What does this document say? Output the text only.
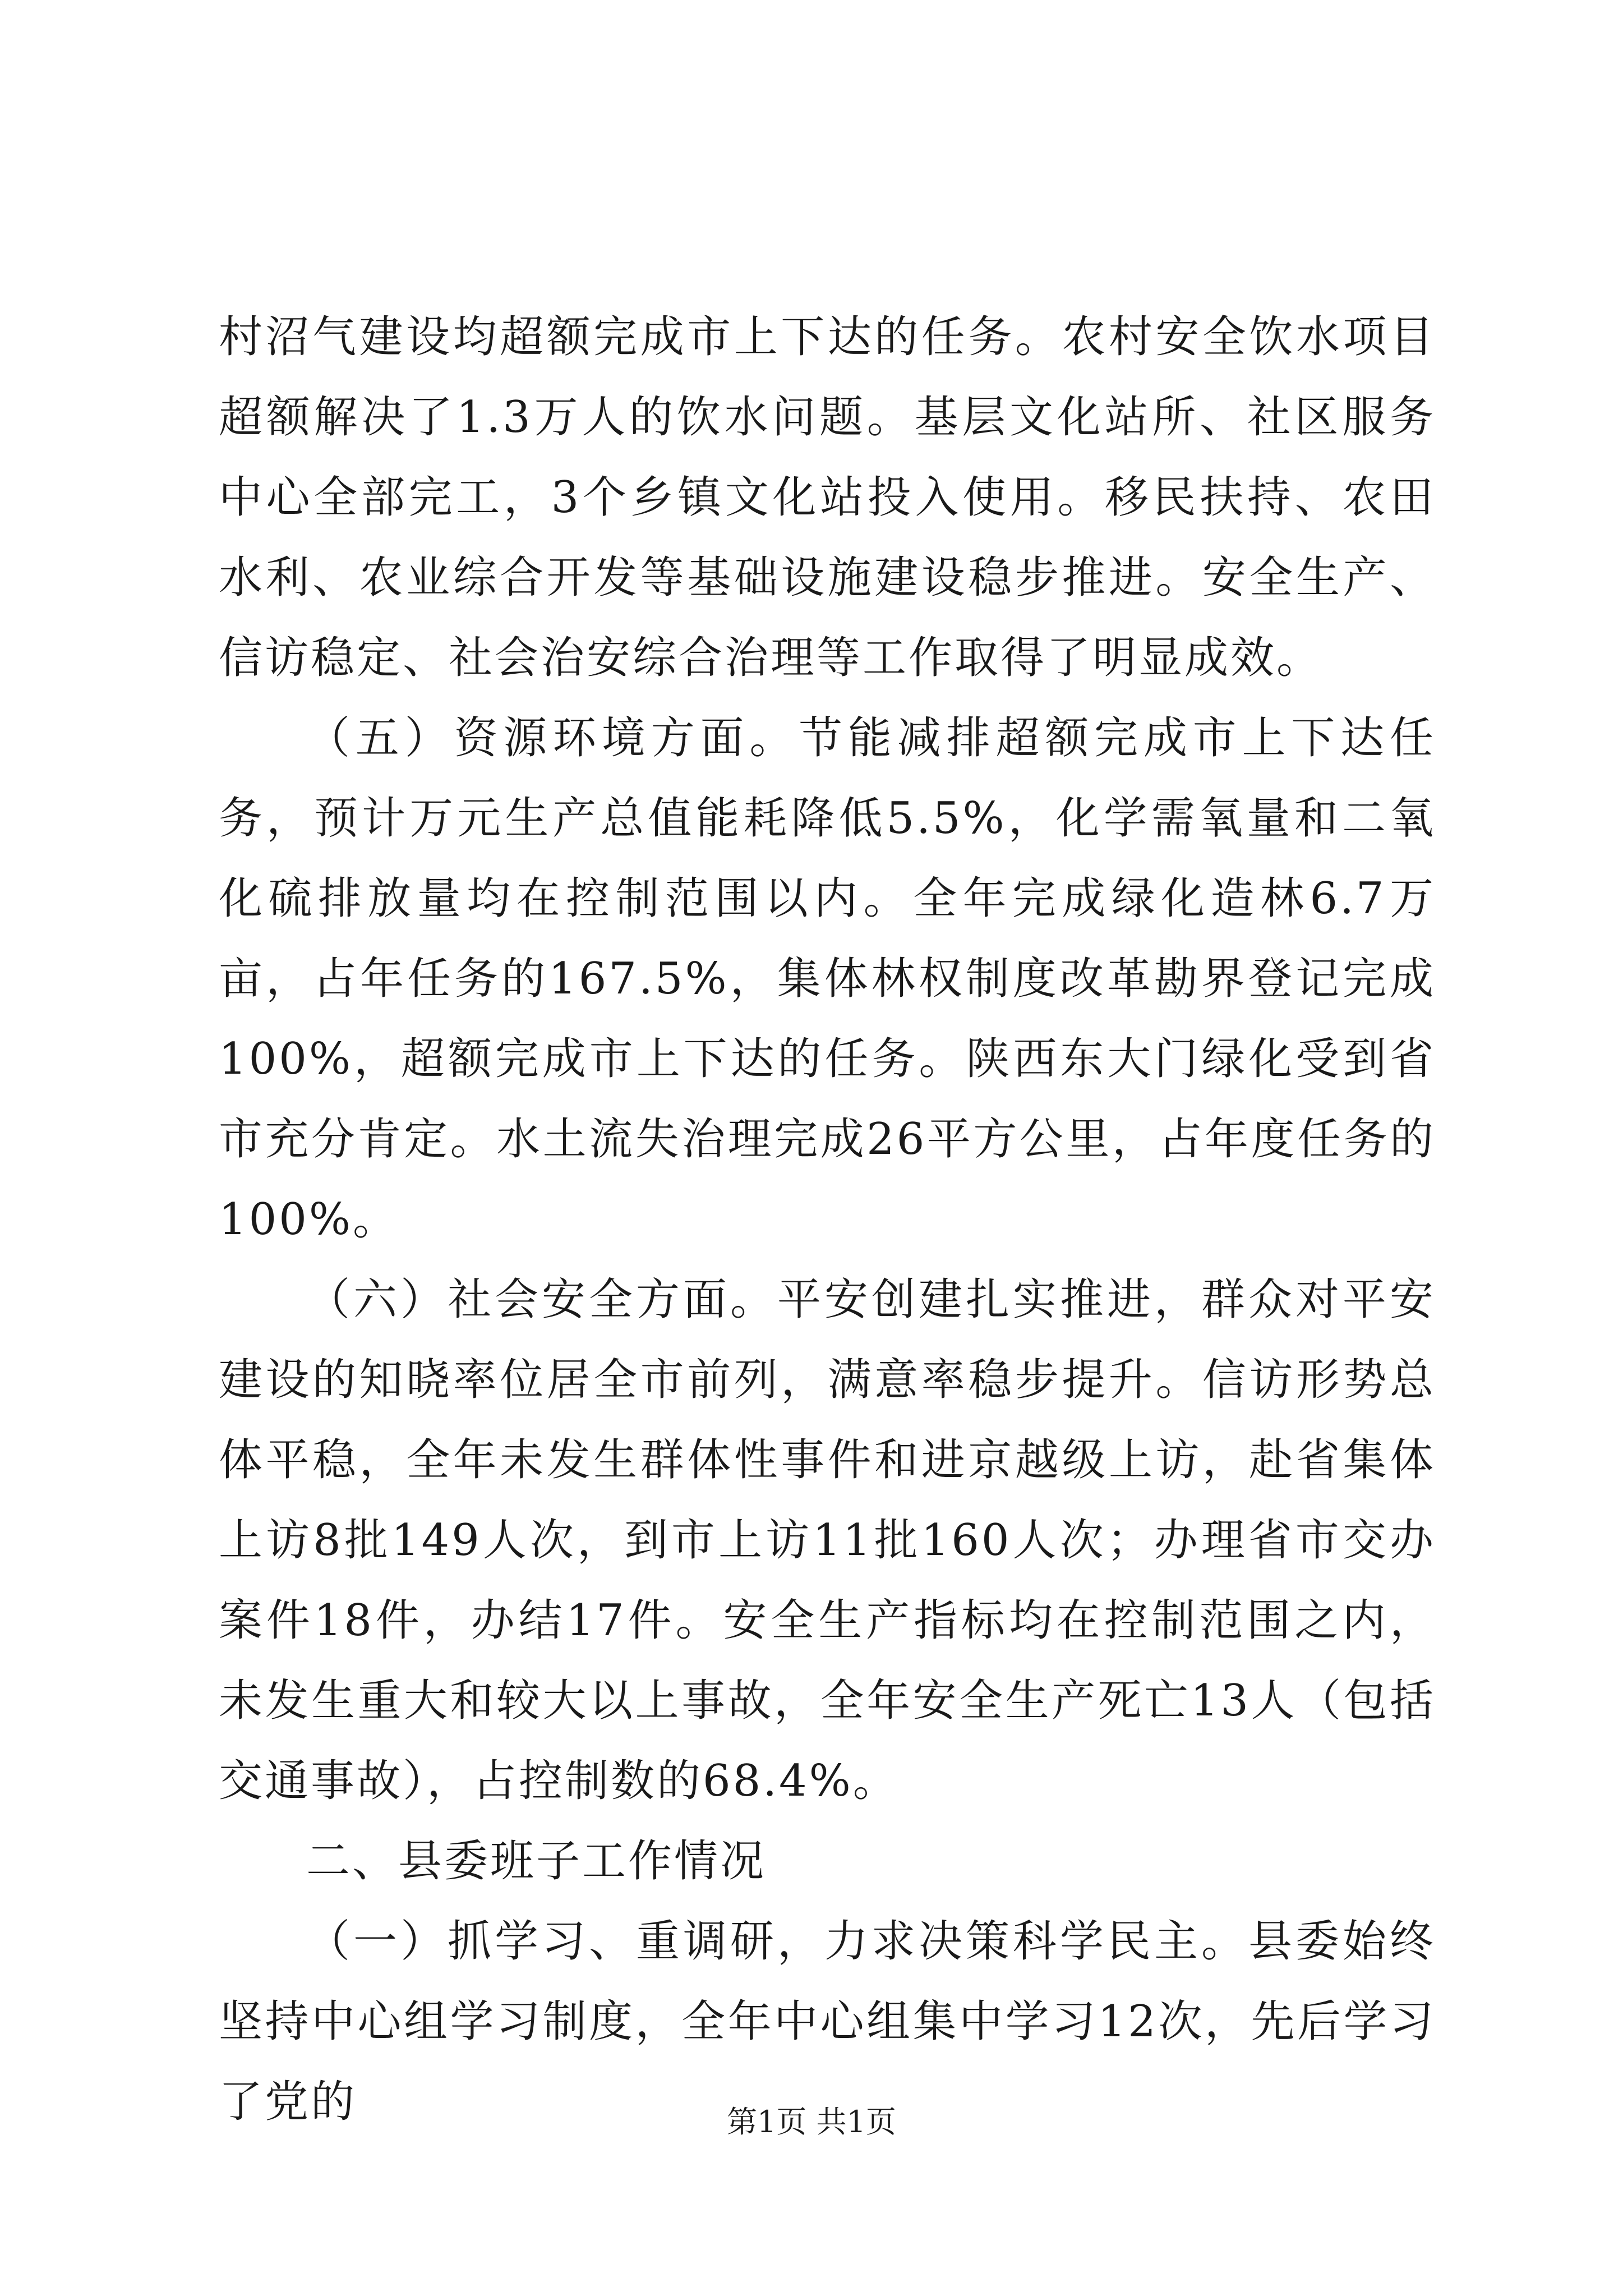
村沼气建设均超额完成市上下达的任务。农村安全饮水项目超额解决了1.3万人的饮水问题。基层文化站所、社区服务中心全部完工，3个乡镇文化站投入使用。移民扶持、农田水利、农业综合开发等基础设施建设稳步推进。安全生产、信访稳定、社会治安综合治理等工作取得了明显成效。

（五）资源环境方面。节能减排超额完成市上下达任务，预计万元生产总值能耗降低5.5%，化学需氧量和二氧化硫排放量均在控制范围以内。全年完成绿化造林6.7万亩，占年任务的167.5%，集体林权制度改革勘界登记完成100%，超额完成市上下达的任务。陕西东大门绿化受到省市充分肯定。水土流失治理完成26平方公里，占年度任务的100%。

（六）社会安全方面。平安创建扎实推进，群众对平安建设的知晓率位居全市前列，满意率稳步提升。信访形势总体平稳，全年未发生群体性事件和进京越级上访，赴省集体上访8批149人次，到市上访11批160人次；办理省市交办案件18件，办结17件。安全生产指标均在控制范围之内，未发生重大和较大以上事故，全年安全生产死亡13人（包括交通事故），占控制数的68.4%。

二、县委班子工作情况

（一）抓学习、重调研，力求决策科学民主。县委始终坚持中心组学习制度，全年中心组集中学习12次，先后学习了党的	第1页 共1页
